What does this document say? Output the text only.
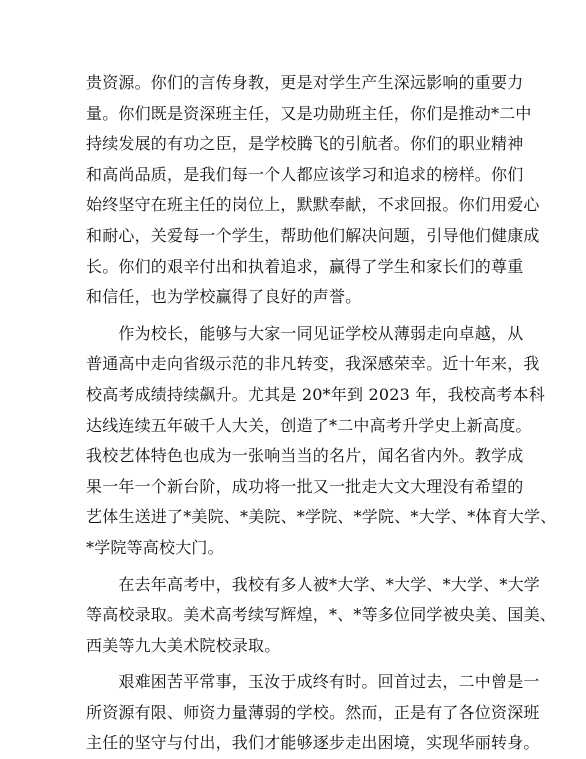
贵资源。你们的言传身教，更是对学生产生深远影响的重要力
量。你们既是资深班主任，又是功勋班主任，你们是推动*二中
持续发展的有功之臣，是学校腾飞的引航者。你们的职业精神
和高尚品质，是我们每一个人都应该学习和追求的榜样。你们
始终坚守在班主任的岗位上，默默奉献，不求回报。你们用爱心
和耐心，关爱每一个学生，帮助他们解决问题，引导他们健康成
长。你们的艰辛付出和执着追求，赢得了学生和家长们的尊重
和信任，也为学校赢得了良好的声誉。
　　作为校长，能够与大家一同见证学校从薄弱走向卓越，从
普通高中走向省级示范的非凡转变，我深感荣幸。近十年来，我
校高考成绩持续飙升。尤其是 20*年到 2023 年，我校高考本科
达线连续五年破千人大关，创造了*二中高考升学史上新高度。
我校艺体特色也成为一张响当当的名片，闻名省内外。教学成
果一年一个新台阶，成功将一批又一批走大文大理没有希望的
艺体生送进了*美院、*美院、*学院、*学院、*大学、*体育大学、
*学院等高校大门。
　　在去年高考中，我校有多人被*大学、*大学、*大学、*大学
等高校录取。美术高考续写辉煌，*、*等多位同学被央美、国美、
西美等九大美术院校录取。
　　艰难困苦平常事，玉汝于成终有时。回首过去，二中曾是一
所资源有限、师资力量薄弱的学校。然而，正是有了各位资深班
主任的坚守与付出，我们才能够逐步走出困境，实现华丽转身。
